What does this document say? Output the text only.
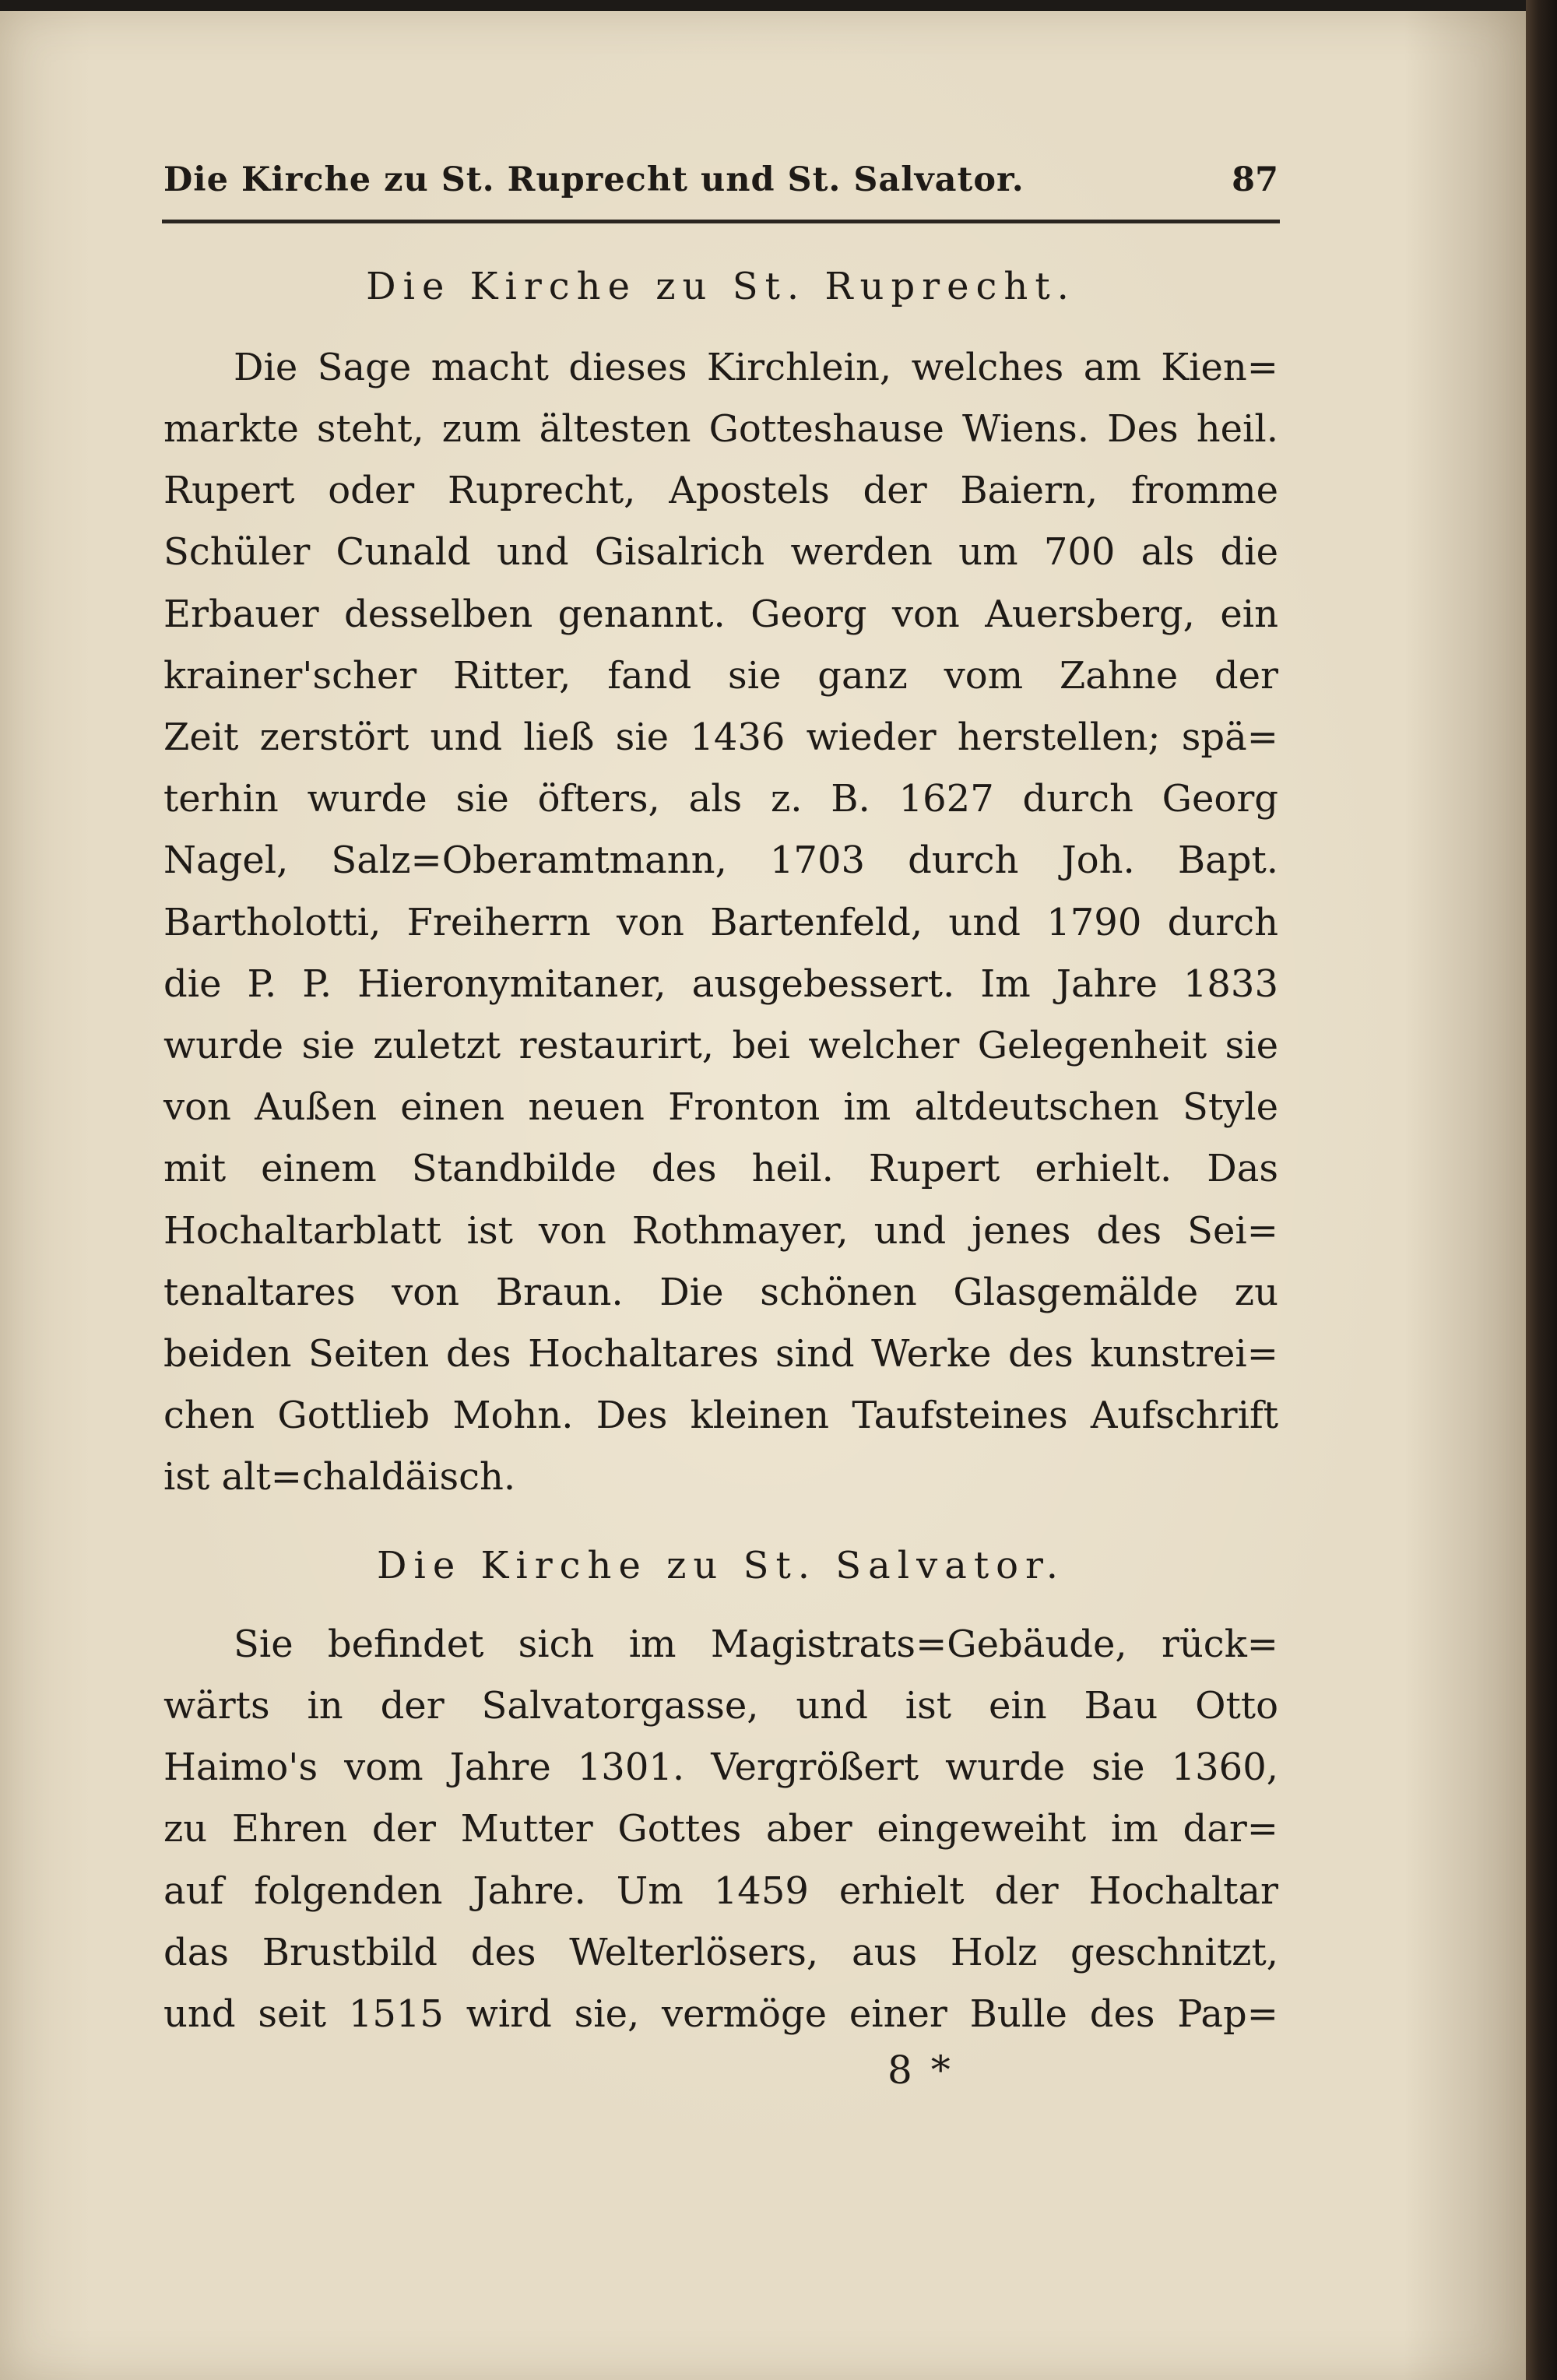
Die Kirche zu St. Ruprecht und St. Salvator.	87
Die Kirche zu St. Ruprecht.
Die Sage macht dieses Kirchlein, welches am Kien=
markte steht, zum ältesten Gotteshause Wiens. Des heil.
Rupert oder Ruprecht, Apostels der Baiern, fromme
Schüler Cunald und Gisalrich werden um 700 als die
Erbauer desselben genannt. Georg von Auersberg, ein
krainer'scher Ritter, fand sie ganz vom Zahne der
Zeit zerstört und ließ sie 1436 wieder herstellen; spä=
terhin wurde sie öfters, als z. B. 1627 durch Georg
Nagel, Salz=Oberamtmann, 1703 durch Joh. Bapt.
Bartholotti, Freiherrn von Bartenfeld, und 1790 durch
die P. P. Hieronymitaner, ausgebessert. Im Jahre 1833
wurde sie zuletzt restaurirt, bei welcher Gelegenheit sie
von Außen einen neuen Fronton im altdeutschen Style
mit einem Standbilde des heil. Rupert erhielt. Das
Hochaltarblatt ist von Rothmayer, und jenes des Sei=
tenaltares von Braun. Die schönen Glasgemälde zu
beiden Seiten des Hochaltares sind Werke des kunstrei=
chen Gottlieb Mohn. Des kleinen Taufsteines Aufschrift
ist alt=chaldäisch.
Die Kirche zu St. Salvator.
Sie befindet sich im Magistrats=Gebäude, rück=
wärts in der Salvatorgasse, und ist ein Bau Otto
Haimo's vom Jahre 1301. Vergrößert wurde sie 1360,
zu Ehren der Mutter Gottes aber eingeweiht im dar=
auf folgenden Jahre. Um 1459 erhielt der Hochaltar
das Brustbild des Welterlösers, aus Holz geschnitzt,
und seit 1515 wird sie, vermöge einer Bulle des Pap=
8 *
